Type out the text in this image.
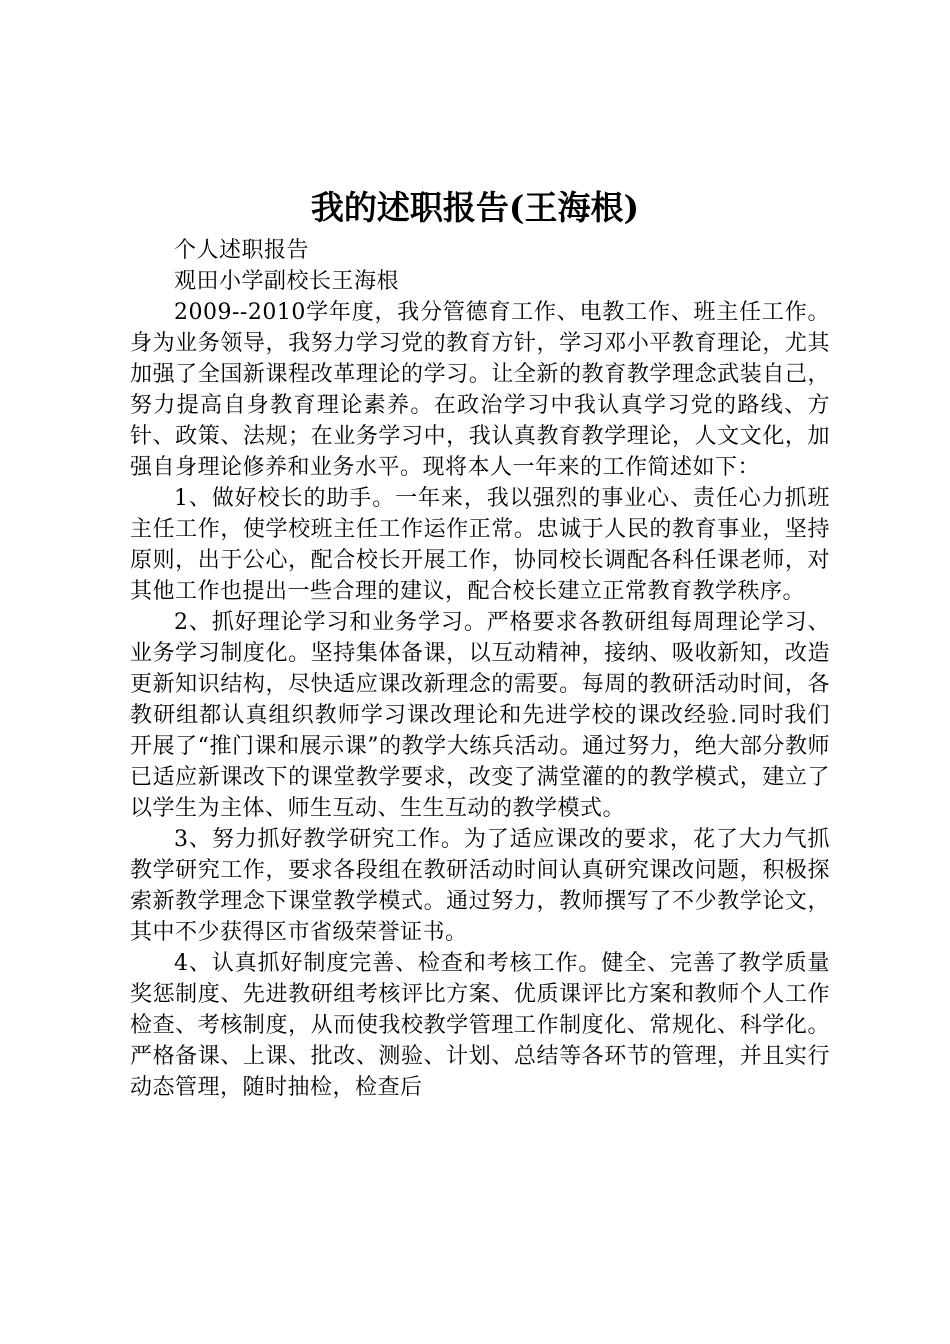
我的述职报告(王海根)

个人述职报告

观田小学副校长王海根

2009--2010学年度，我分管德育工作、电教工作、班主任工作。身为业务领导，我努力学习党的教育方针，学习邓小平教育理论，尤其加强了全国新课程改革理论的学习。让全新的教育教学理念武装自己，努力提高自身教育理论素养。在政治学习中我认真学习党的路线、方针、政策、法规；在业务学习中，我认真教育教学理论，人文文化，加强自身理论修养和业务水平。现将本人一年来的工作简述如下：

1、做好校长的助手。一年来，我以强烈的事业心、责任心力抓班主任工作，使学校班主任工作运作正常。忠诚于人民的教育事业，坚持原则，出于公心，配合校长开展工作，协同校长调配各科任课老师，对其他工作也提出一些合理的建议，配合校长建立正常教育教学秩序。

2、抓好理论学习和业务学习。严格要求各教研组每周理论学习、业务学习制度化。坚持集体备课，以互动精神，接纳、吸收新知，改造更新知识结构，尽快适应课改新理念的需要。每周的教研活动时间，各教研组都认真组织教师学习课改理论和先进学校的课改经验.同时我们开展了“推门课和展示课”的教学大练兵活动。通过努力，绝大部分教师已适应新课改下的课堂教学要求，改变了满堂灌的的教学模式，建立了以学生为主体、师生互动、生生互动的教学模式。

3、努力抓好教学研究工作。为了适应课改的要求，花了大力气抓教学研究工作，要求各段组在教研活动时间认真研究课改问题，积极探索新教学理念下课堂教学模式。通过努力，教师撰写了不少教学论文，其中不少获得区市省级荣誉证书。

4、认真抓好制度完善、检查和考核工作。健全、完善了教学质量奖惩制度、先进教研组考核评比方案、优质课评比方案和教师个人工作检查、考核制度，从而使我校教学管理工作制度化、常规化、科学化。严格备课、上课、批改、测验、计划、总结等各环节的管理，并且实行动态管理，随时抽检，检查后
